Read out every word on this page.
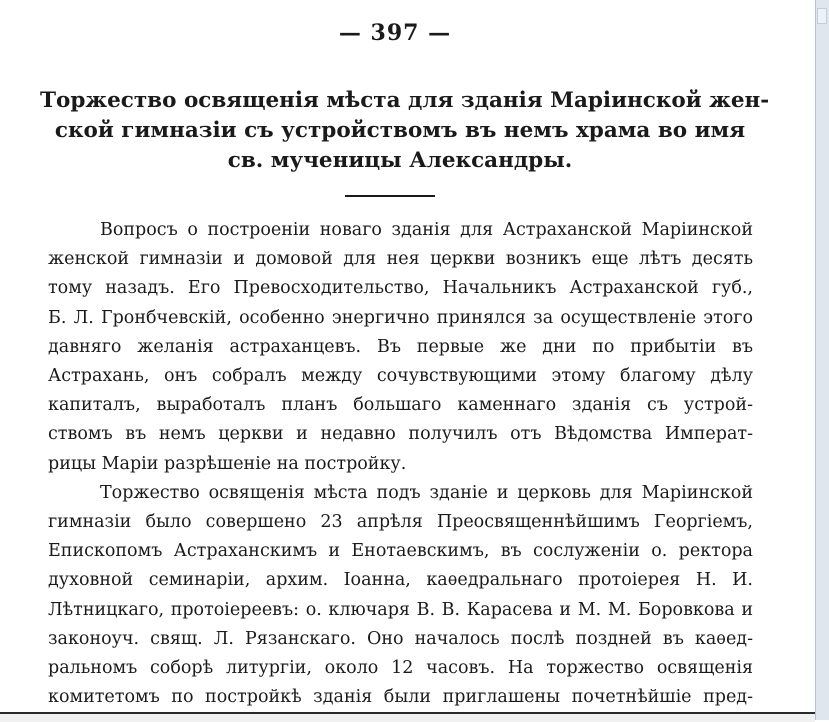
— 397 —
Торжество освященія мѣста для зданія Маріинской жен-
ской гимназіи съ устройствомъ въ немъ храма во имя
св. мученицы Александры.
Вопросъ о построеніи новаго зданія для Астраханской Маріинской
женской гимназіи и домовой для нея церкви возникъ еще лѣтъ десять
тому назадъ. Его Превосходительство, Начальникъ Астраханской губ.,
Б. Л. Гронбчевскій, особенно энергично принялся за осуществленіе этого
давняго желанія астраханцевъ. Въ первые же дни по прибытіи въ
Астрахань, онъ собралъ между сочувствующими этому благому дѣлу
капиталъ, выработалъ планъ большаго каменнаго зданія съ устрой-
ствомъ въ немъ церкви и недавно получилъ отъ Вѣдомства Императ-
рицы Маріи разрѣшеніе на постройку.
Торжество освященія мѣста подъ зданіе и церковь для Маріинской
гимназіи было совершено 23 апрѣля Преосвященнѣйшимъ Георгіемъ,
Епископомъ Астраханскимъ и Енотаевскимъ, въ сослуженіи о. ректора
духовной семинаріи, архим. Іоанна, каѳедральнаго протоіерея Н. И.
Лѣтницкаго, протоіереевъ: о. ключаря В. В. Карасева и М. М. Боровкова и
законоуч. свящ. Л. Рязанскаго. Оно началось послѣ поздней въ каѳед-
ральномъ соборѣ литургіи, около 12 часовъ. На торжество освященія
комитетомъ по постройкѣ зданія были приглашены почетнѣйшіе пред-
